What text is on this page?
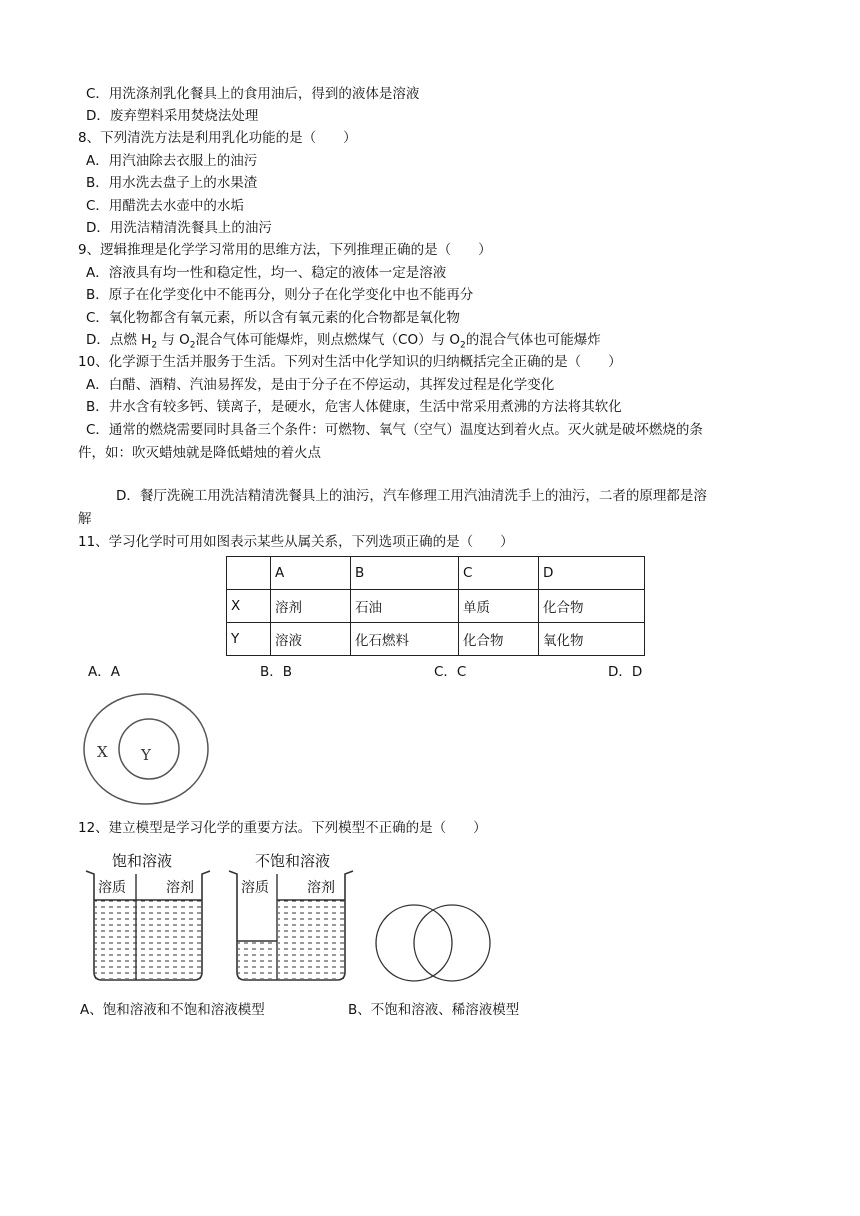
C．用洗涤剂乳化餐具上的食用油后，得到的液体是溶液
D．废弃塑料采用焚烧法处理
8、下列清洗方法是利用乳化功能的是（　　）
A．用汽油除去衣服上的油污
B．用水洗去盘子上的水果渣
C．用醋洗去水壶中的水垢
D．用洗洁精清洗餐具上的油污
9、逻辑推理是化学学习常用的思维方法，下列推理正确的是（　　）
A．溶液具有均一性和稳定性，均一、稳定的液体一定是溶液
B．原子在化学变化中不能再分，则分子在化学变化中也不能再分
C．氧化物都含有氧元素，所以含有氧元素的化合物都是氧化物
D．点燃 $H_2$ 与 $O_2$混合气体可能爆炸，则点燃煤气（CO）与 $O_2$的混合气体也可能爆炸
10、化学源于生活并服务于生活。下列对生活中化学知识的归纳概括完全正确的是（　　）
A．白醋、酒精、汽油易挥发，是由于分子在不停运动，其挥发过程是化学变化
B．井水含有较多钙、镁离子，是硬水，危害人体健康，生活中常采用煮沸的方法将其软化
C．通常的燃烧需要同时具备三个条件：可燃物、氧气（空气）温度达到着火点。灭火就是破坏燃烧的条
件，如：吹灭蜡烛就是降低蜡烛的着火点
D．餐厅洗碗工用洗洁精清洗餐具上的油污，汽车修理工用汽油清洗手上的油污，二者的原理都是溶
解
11、学习化学时可用如图表示某些从属关系，下列选项正确的是（　　）
	A	B	C	D
X	溶剂	石油	单质	化合物
Y	溶液	化石燃料	化合物	氧化物
A．A	B．B	C．C	D．D
X Y
12、建立模型是学习化学的重要方法。下列模型不正确的是（　　）
饱和溶液
溶质	溶剂
不饱和溶液
溶质	溶剂
A、饱和溶液和不饱和溶液模型	B、不饱和溶液、稀溶液模型
